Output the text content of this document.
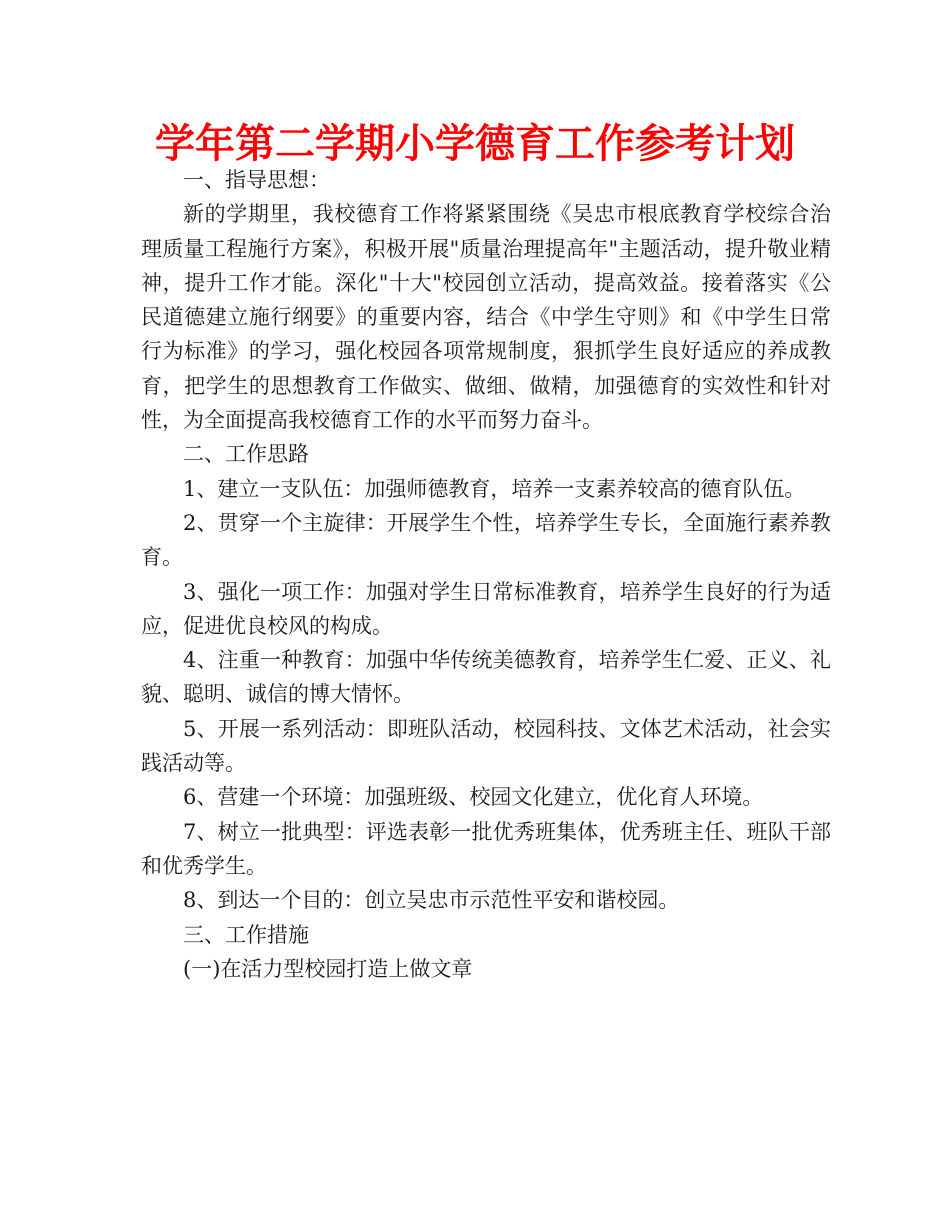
学年第二学期小学德育工作参考计划

一、指导思想：

新的学期里，我校德育工作将紧紧围绕《吴忠市根底教育学校综合治理质量工程施行方案》，积极开展"质量治理提高年"主题活动，提升敬业精神，提升工作才能。深化"十大"校园创立活动，提高效益。接着落实《公民道德建立施行纲要》的重要内容，结合《中学生守则》和《中学生日常行为标准》的学习，强化校园各项常规制度，狠抓学生良好适应的养成教育，把学生的思想教育工作做实、做细、做精，加强德育的实效性和针对性，为全面提高我校德育工作的水平而努力奋斗。

二、工作思路

1、建立一支队伍：加强师德教育，培养一支素养较高的德育队伍。

2、贯穿一个主旋律：开展学生个性，培养学生专长，全面施行素养教育。

3、强化一项工作：加强对学生日常标准教育，培养学生良好的行为适应，促进优良校风的构成。

4、注重一种教育：加强中华传统美德教育，培养学生仁爱、正义、礼貌、聪明、诚信的博大情怀。

5、开展一系列活动：即班队活动，校园科技、文体艺术活动，社会实践活动等。

6、营建一个环境：加强班级、校园文化建立，优化育人环境。

7、树立一批典型：评选表彰一批优秀班集体，优秀班主任、班队干部和优秀学生。

8、到达一个目的：创立吴忠市示范性平安和谐校园。

三、工作措施

(一)在活力型校园打造上做文章
